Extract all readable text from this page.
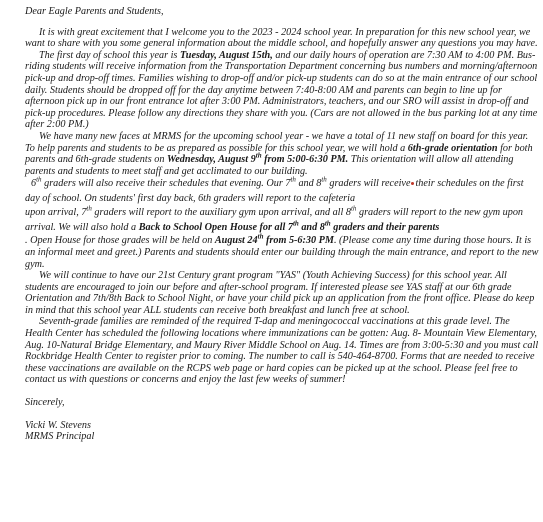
Dear Eagle Parents and Students,

It is with great excitement that I welcome you to the 2023 - 2024 school year. In preparation for this new school year, we want to share with you some general information about the middle school, and hopefully answer any questions you may have.

The first day of school this year is Tuesday, August 15th, and our daily hours of operation are 7:30 AM to 4:00 PM. Bus-riding students will receive information from the Transportation Department concerning bus numbers and morning/afternoon pick-up and drop-off times. Families wishing to drop-off and/or pick-up students can do so at the main entrance of our school daily. Students should be dropped off for the day anytime between 7:40-8:00 AM and parents can begin to line up for afternoon pick up in our front entrance lot after 3:00 PM. Administrators, teachers, and our SRO will assist in drop-off and pick-up procedures. Please follow any directions they share with you. (Cars are not allowed in the bus parking lot at any time after 2:00 PM.)

We have many new faces at MRMS for the upcoming school year - we have a total of 11 new staff on board for this year. To help parents and students to be as prepared as possible for this school year, we will hold a 6th-grade orientation for both parents and 6th-grade students on Wednesday, August 9th from 5:00-6:30 PM. This orientation will allow all attending parents and students to meet staff and get acclimated to our building.

6th graders will also receive their schedules that evening. Our 7th and 8th graders will receive their schedules on the first day of school. On students' first day back, 6th graders will report to the cafeteria
upon arrival, 7th graders will report to the auxiliary gym upon arrival, and all 8th graders will report to the new gym upon arrival. We will also hold a Back to School Open House for all 7th and 8th graders and their parents

. Open House for those grades will be held on August 24th from 5-6:30 PM. (Please come any time during those hours. It is an informal meet and greet.) Parents and students should enter our building through the main entrance, and report to the new gym.

We will continue to have our 21st Century grant program "YAS" (Youth Achieving Success) for this school year. All students are encouraged to join our before and after-school program. If interested please see YAS staff at our 6th grade Orientation and 7th/8th Back to School Night, or have your child pick up an application from the front office. Please do keep in mind that this school year ALL students can receive both breakfast and lunch free at school.

Seventh-grade families are reminded of the required T-dap and meningococcal vaccinations at this grade level. The Health Center has scheduled the following locations where immunizations can be gotten: Aug. 8- Mountain View Elementary, Aug. 10-Natural Bridge Elementary, and Maury River Middle School on Aug. 14. Times are from 3:00-5:30 and you must call Rockbridge Health Center to register prior to coming. The number to call is 540-464-8700. Forms that are needed to receive these vaccinations are available on the RCPS web page or hard copies can be picked up at the school. Please feel free to contact us with questions or concerns and enjoy the last few weeks of summer!

Sincerely,

Vicki W. Stevens

MRMS Principal
